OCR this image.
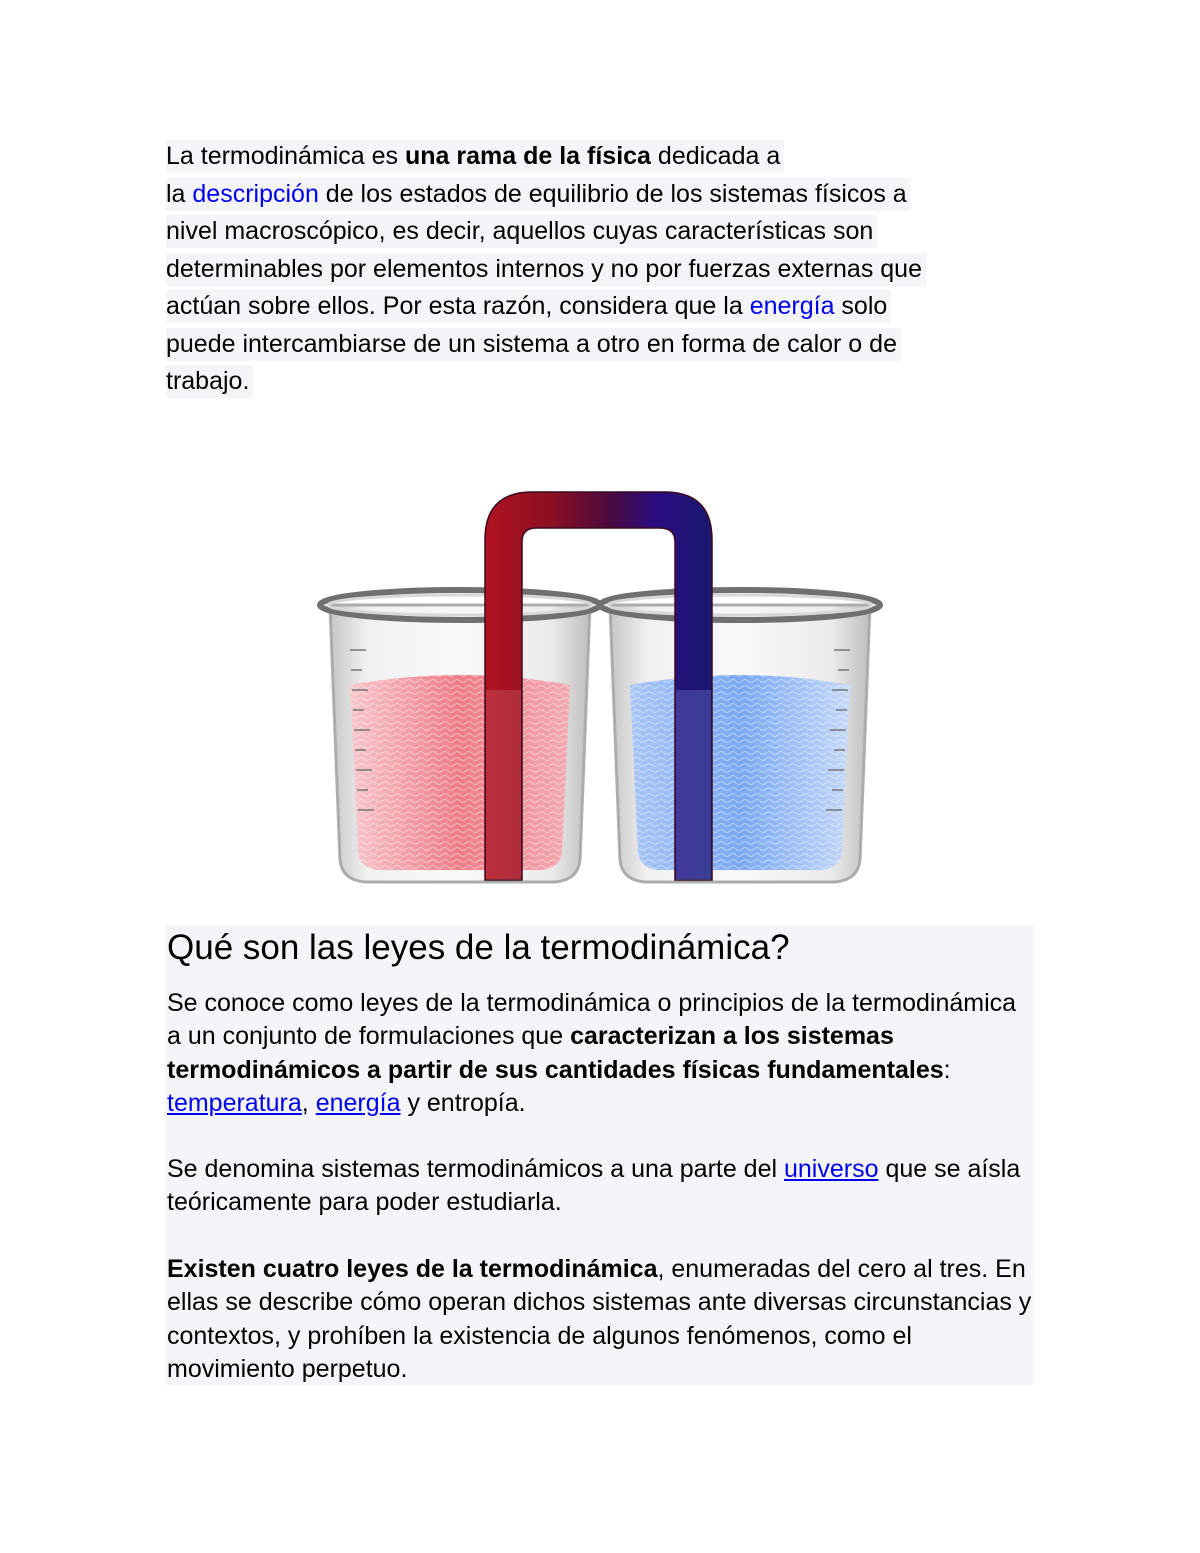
La termodinámica es una rama de la física dedicada a
la descripción de los estados de equilibrio de los sistemas físicos a
nivel macroscópico, es decir, aquellos cuyas características son
determinables por elementos internos y no por fuerzas externas que
actúan sobre ellos. Por esta razón, considera que la energía solo
puede intercambiarse de un sistema a otro en forma de calor o de
trabajo.
Qué son las leyes de la termodinámica?

Se conoce como leyes de la termodinámica o principios de la termodinámica a un conjunto de formulaciones que caracterizan a los sistemas termodinámicos a partir de sus cantidades físicas fundamentales: temperatura, energía y entropía.

Se denomina sistemas termodinámicos a una parte del universo que se aísla teóricamente para poder estudiarla.

Existen cuatro leyes de la termodinámica, enumeradas del cero al tres. En ellas se describe cómo operan dichos sistemas ante diversas circunstancias y contextos, y prohíben la existencia de algunos fenómenos, como el movimiento perpetuo.
